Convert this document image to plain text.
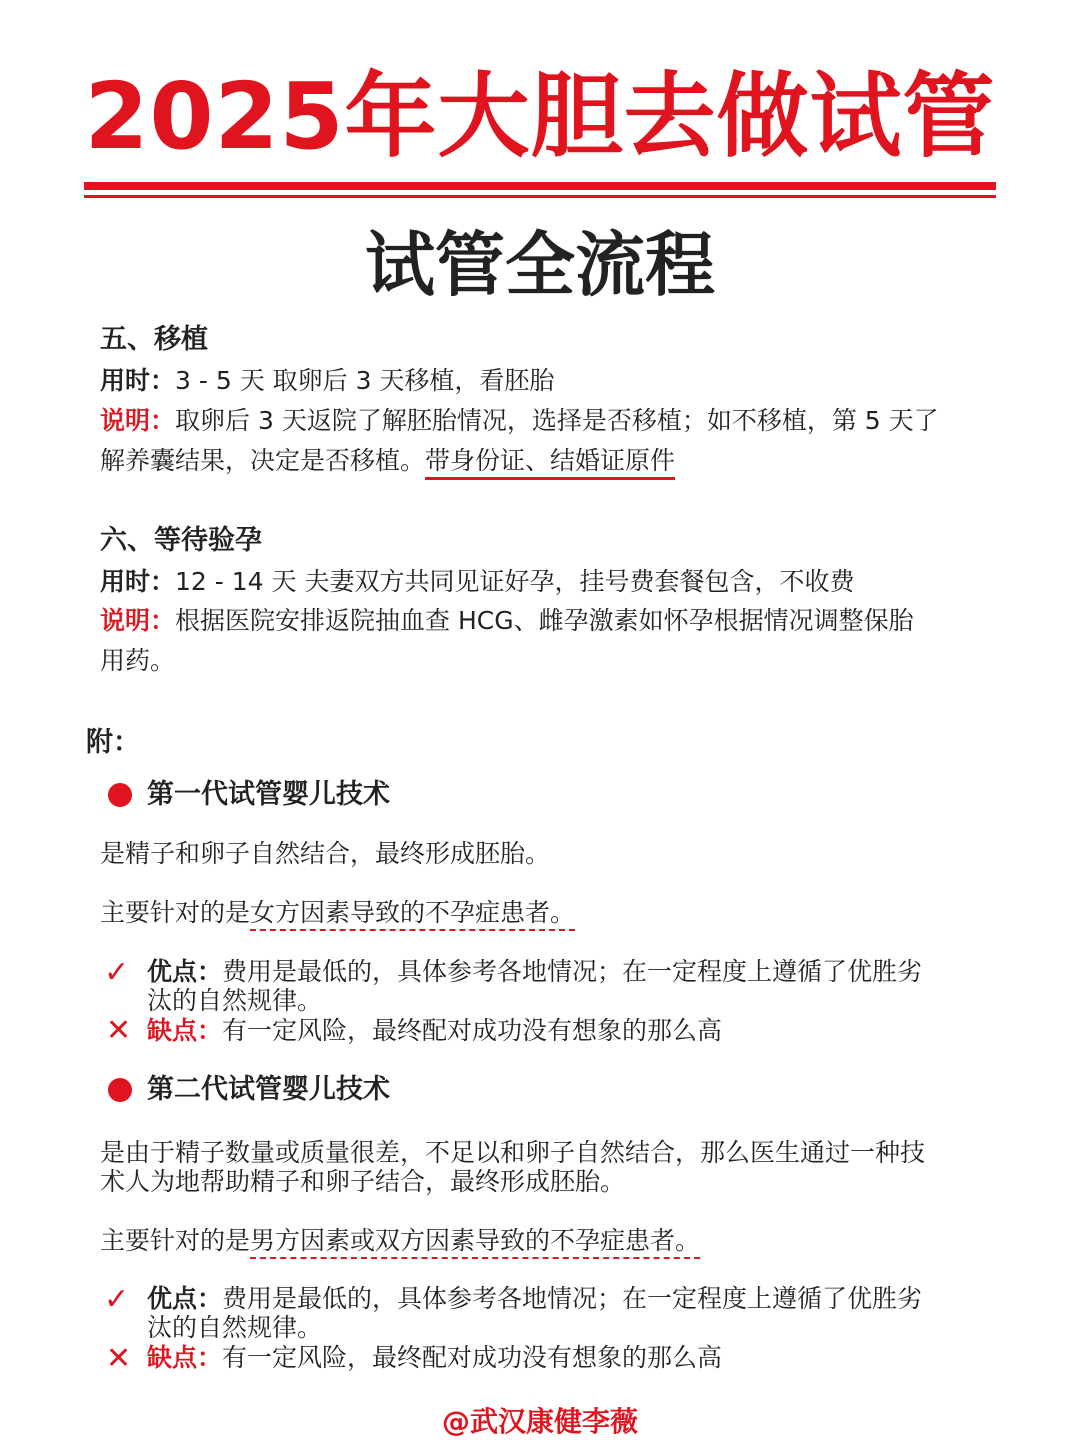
2025年大胆去做试管
试管全流程
五、移植
用时：3 - 5 天 取卵后 3 天移植，看胚胎
说明：取卵后 3 天返院了解胚胎情况，选择是否移植；如不移植，第 5 天了
解养囊结果，决定是否移植。带身份证、结婚证原件
六、等待验孕
用时：12 - 14 天 夫妻双方共同见证好孕，挂号费套餐包含，不收费
说明：根据医院安排返院抽血查 HCG、雌孕激素如怀孕根据情况调整保胎
用药。
附：
第一代试管婴儿技术
是精子和卵子自然结合，最终形成胚胎。
主要针对的是女方因素导致的不孕症患者。
✓ 优点：费用是最低的，具体参考各地情况；在一定程度上遵循了优胜劣
汰的自然规律。
✕ 缺点：有一定风险，最终配对成功没有想象的那么高
第二代试管婴儿技术
是由于精子数量或质量很差，不足以和卵子自然结合，那么医生通过一种技
术人为地帮助精子和卵子结合，最终形成胚胎。
主要针对的是男方因素或双方因素导致的不孕症患者。
✓ 优点：费用是最低的，具体参考各地情况；在一定程度上遵循了优胜劣
汰的自然规律。
✕ 缺点：有一定风险，最终配对成功没有想象的那么高
@武汉康健李薇
